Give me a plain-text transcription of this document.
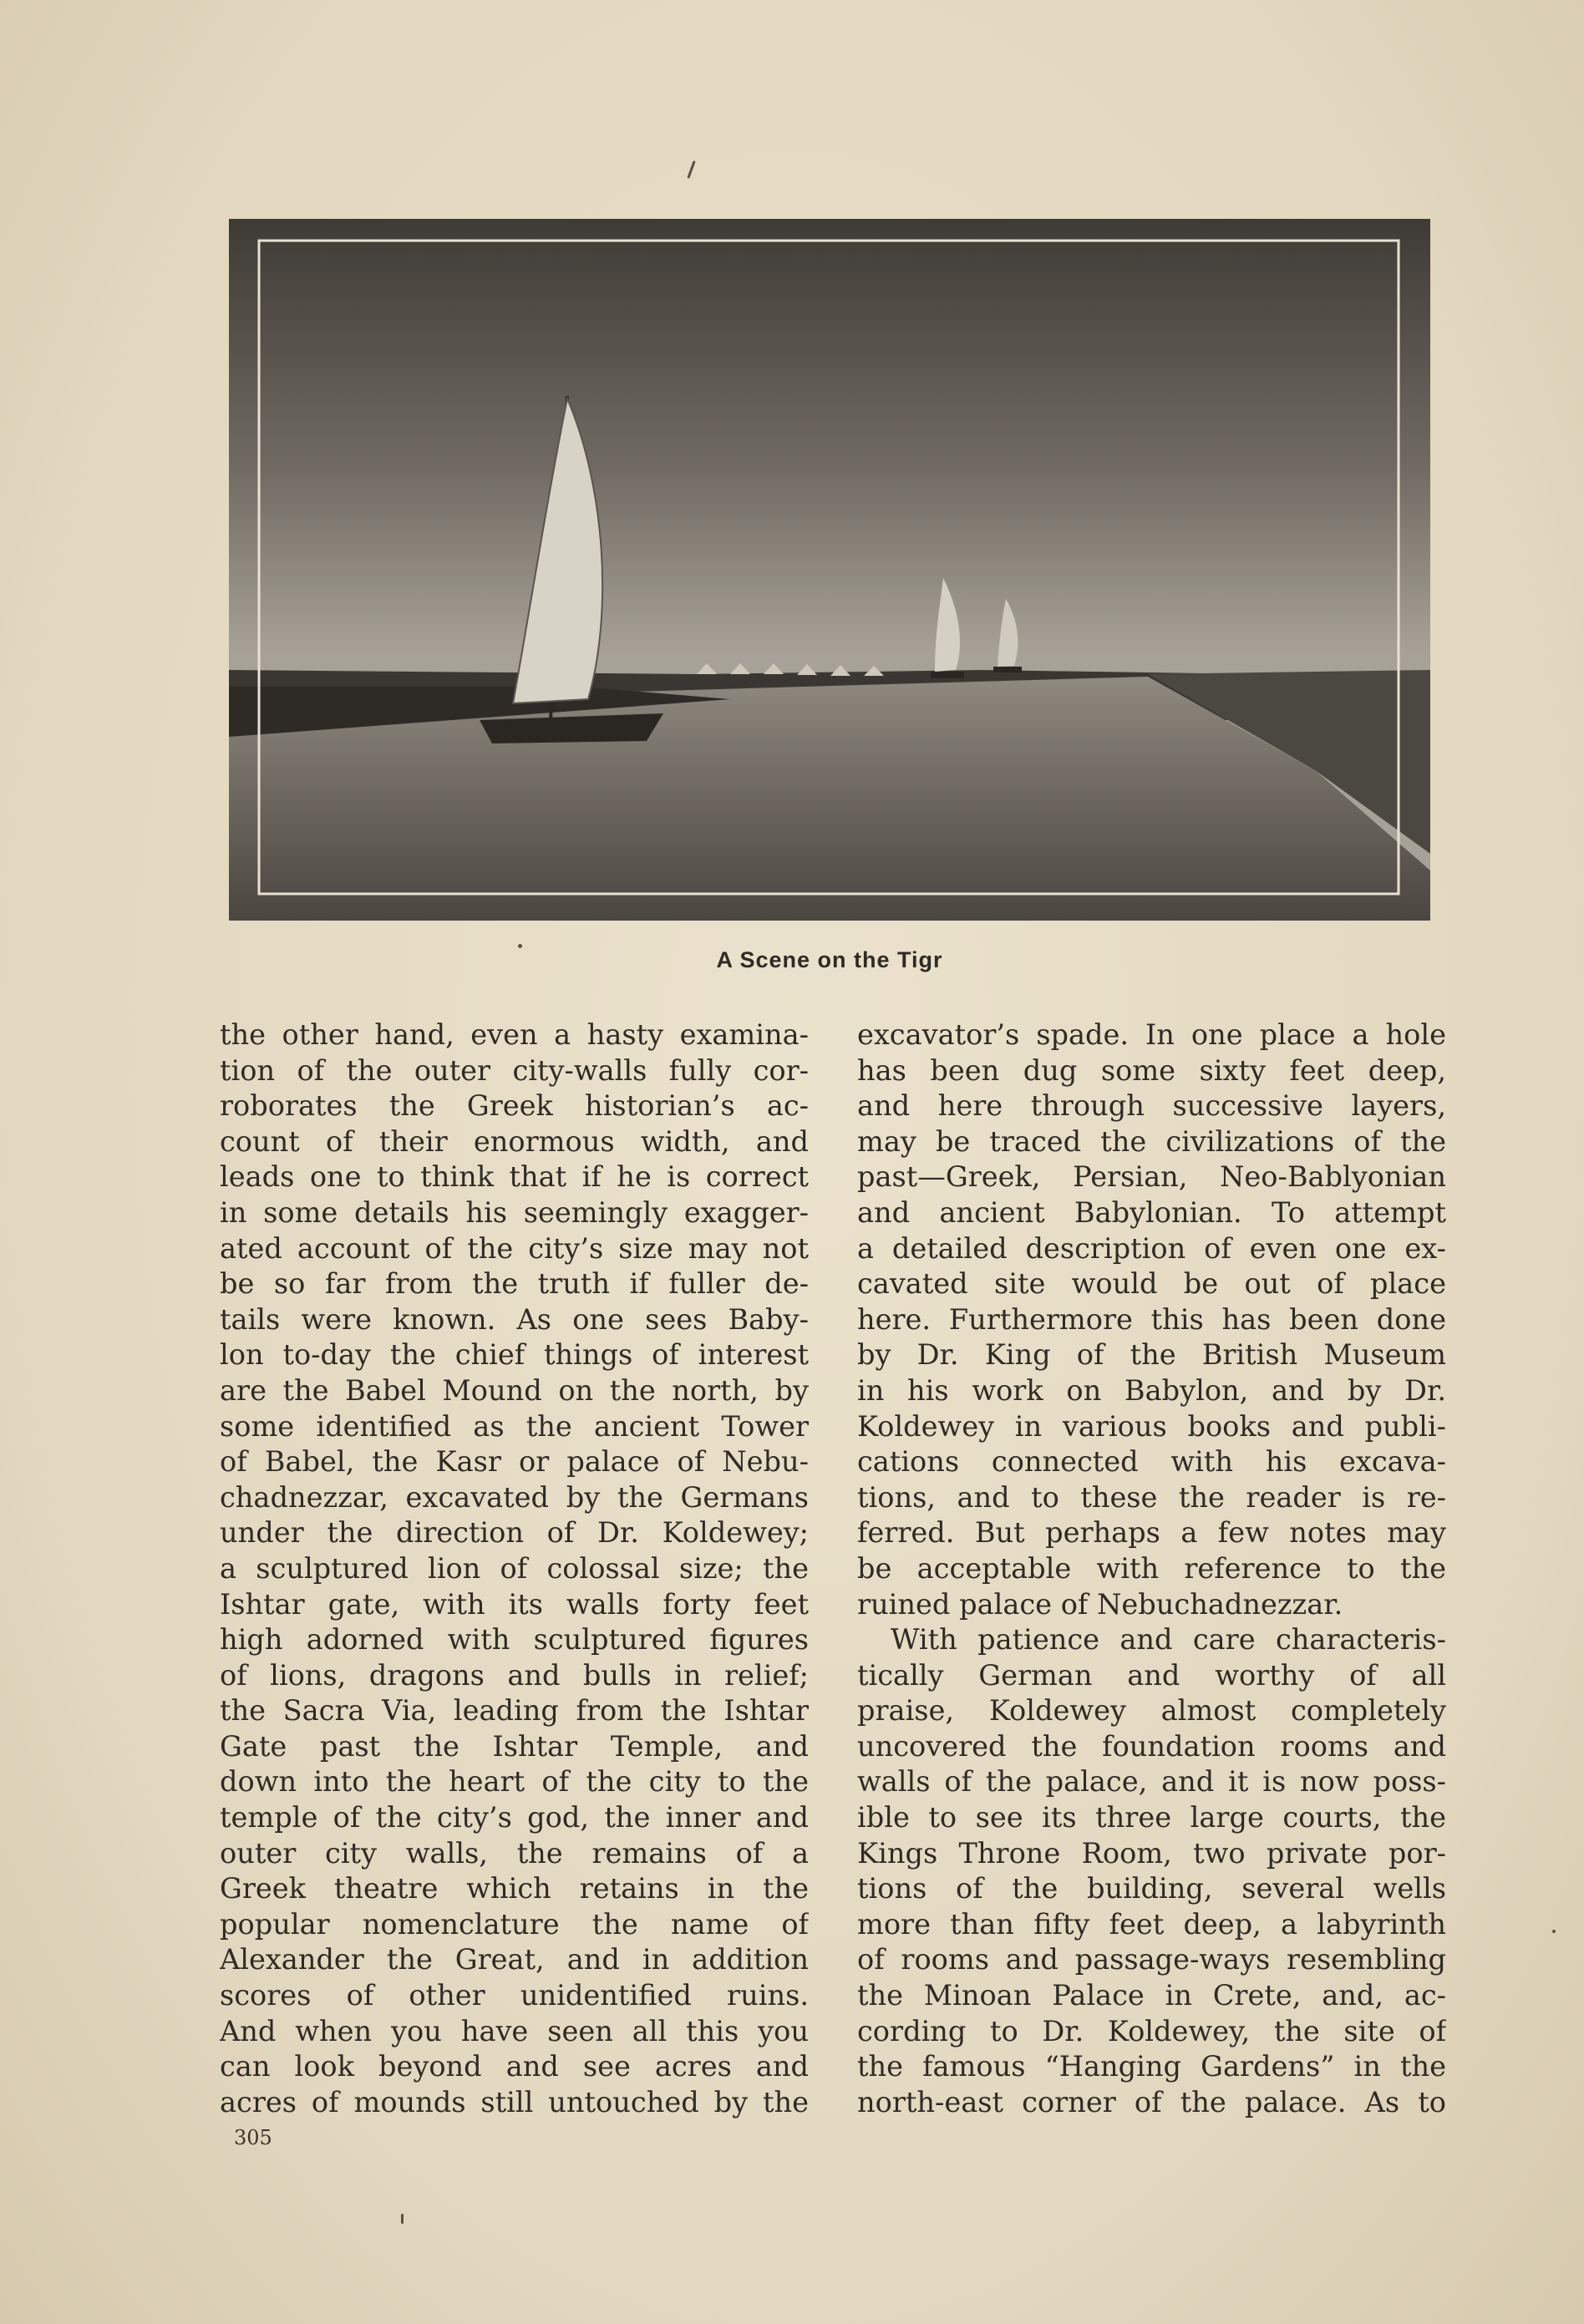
A Scene on the Tigr
the other hand, even a hasty examina-
tion of the outer city-walls fully cor-
roborates the Greek historian’s ac-
count of their enormous width, and
leads one to think that if he is correct
in some details his seemingly exagger-
ated account of the city’s size may not
be so far from the truth if fuller de-
tails were known. As one sees Baby-
lon to-day the chief things of interest
are the Babel Mound on the north, by
some identified as the ancient Tower
of Babel, the Kasr or palace of Nebu-
chadnezzar, excavated by the Germans
under the direction of Dr. Koldewey;
a sculptured lion of colossal size; the
Ishtar gate, with its walls forty feet
high adorned with sculptured figures
of lions, dragons and bulls in relief;
the Sacra Via, leading from the Ishtar
Gate past the Ishtar Temple, and
down into the heart of the city to the
temple of the city’s god, the inner and
outer city walls, the remains of a
Greek theatre which retains in the
popular nomenclature the name of
Alexander the Great, and in addition
scores of other unidentified ruins.
And when you have seen all this you
can look beyond and see acres and
acres of mounds still untouched by the
excavator’s spade. In one place a hole
has been dug some sixty feet deep,
and here through successive layers,
may be traced the civilizations of the
past—Greek, Persian, Neo-Bablyonian
and ancient Babylonian. To attempt
a detailed description of even one ex-
cavated site would be out of place
here. Furthermore this has been done
by Dr. King of the British Museum
in his work on Babylon, and by Dr.
Koldewey in various books and publi-
cations connected with his excava-
tions, and to these the reader is re-
ferred. But perhaps a few notes may
be acceptable with reference to the
ruined palace of Nebuchadnezzar.
With patience and care characteris-
tically German and worthy of all
praise, Koldewey almost completely
uncovered the foundation rooms and
walls of the palace, and it is now poss-
ible to see its three large courts, the
Kings Throne Room, two private por-
tions of the building, several wells
more than fifty feet deep, a labyrinth
of rooms and passage-ways resembling
the Minoan Palace in Crete, and, ac-
cording to Dr. Koldewey, the site of
the famous “Hanging Gardens” in the
north-east corner of the palace. As to
305
